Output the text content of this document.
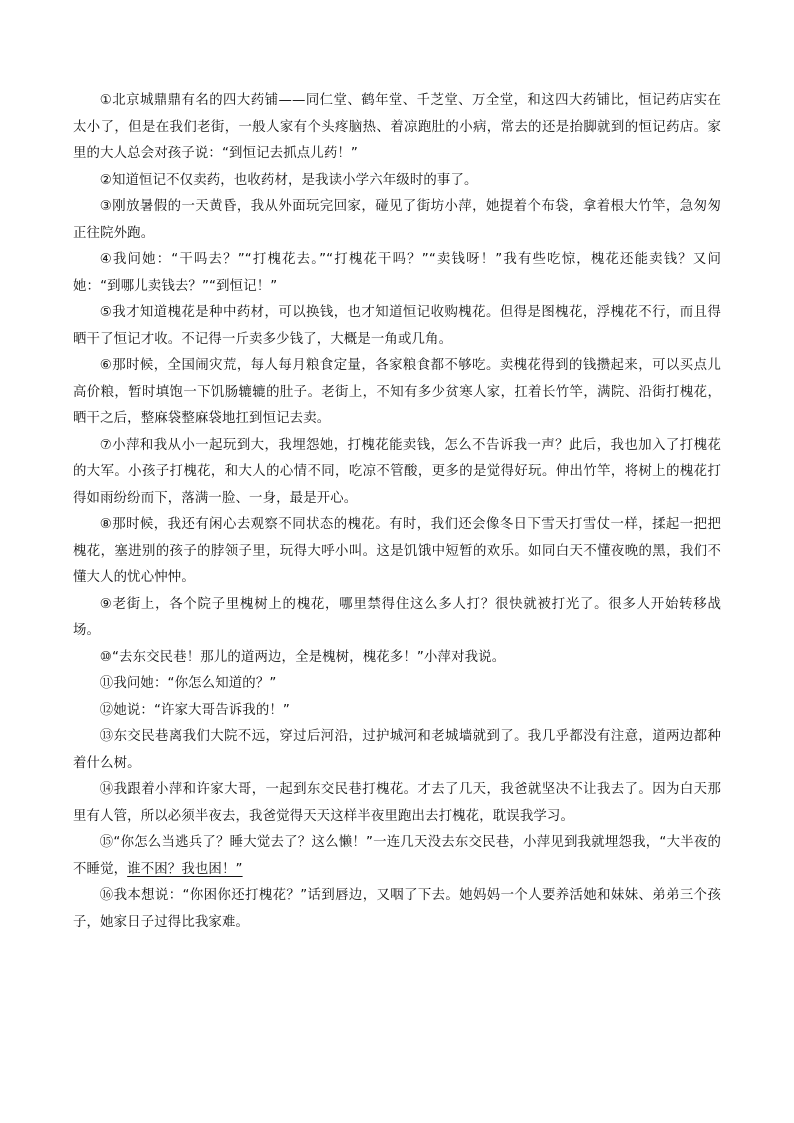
①北京城鼎鼎有名的四大药铺——同仁堂、鹤年堂、千芝堂、万全堂，和这四大药铺比，恒记药店实在太小了，但是在我们老街，一般人家有个头疼脑热、着凉跑肚的小病，常去的还是抬脚就到的恒记药店。家里的大人总会对孩子说：“到恒记去抓点儿药！”

②知道恒记不仅卖药，也收药材，是我读小学六年级时的事了。

③刚放暑假的一天黄昏，我从外面玩完回家，碰见了街坊小萍，她提着个布袋，拿着根大竹竿，急匆匆正往院外跑。

④我问她：“干吗去？”“打槐花去。”“打槐花干吗？”“卖钱呀！”我有些吃惊，槐花还能卖钱？又问她：“到哪儿卖钱去？”“到恒记！”

⑤我才知道槐花是种中药材，可以换钱，也才知道恒记收购槐花。但得是图槐花，浮槐花不行，而且得晒干了恒记才收。不记得一斤卖多少钱了，大概是一角或几角。

⑥那时候，全国闹灾荒，每人每月粮食定量，各家粮食都不够吃。卖槐花得到的钱攒起来，可以买点儿高价粮，暂时填饱一下饥肠辘辘的肚子。老街上，不知有多少贫寒人家，扛着长竹竿，满院、沿街打槐花，晒干之后，整麻袋整麻袋地扛到恒记去卖。

⑦小萍和我从小一起玩到大，我埋怨她，打槐花能卖钱，怎么不告诉我一声？此后，我也加入了打槐花的大军。小孩子打槐花，和大人的心情不同，吃凉不管酸，更多的是觉得好玩。伸出竹竿，将树上的槐花打得如雨纷纷而下，落满一脸、一身，最是开心。

⑧那时候，我还有闲心去观察不同状态的槐花。有时，我们还会像冬日下雪天打雪仗一样，揉起一把把槐花，塞进别的孩子的脖领子里，玩得大呼小叫。这是饥饿中短暂的欢乐。如同白天不懂夜晚的黑，我们不懂大人的忧心忡忡。

⑨老街上，各个院子里槐树上的槐花，哪里禁得住这么多人打？很快就被打光了。很多人开始转移战场。

⑩“去东交民巷！那儿的道两边，全是槐树，槐花多！”小萍对我说。

⑪我问她：“你怎么知道的？”

⑫她说：“许家大哥告诉我的！”

⑬东交民巷离我们大院不远，穿过后河沿，过护城河和老城墙就到了。我几乎都没有注意，道两边都种着什么树。

⑭我跟着小萍和许家大哥，一起到东交民巷打槐花。才去了几天，我爸就坚决不让我去了。因为白天那里有人管，所以必须半夜去，我爸觉得天天这样半夜里跑出去打槐花，耽误我学习。

⑮“你怎么当逃兵了？睡大觉去了？这么懒！”一连几天没去东交民巷，小萍见到我就埋怨我，“大半夜的不睡觉，谁不困？我也困！”

⑯我本想说：“你困你还打槐花？”话到唇边，又咽了下去。她妈妈一个人要养活她和妹妹、弟弟三个孩子，她家日子过得比我家难。
